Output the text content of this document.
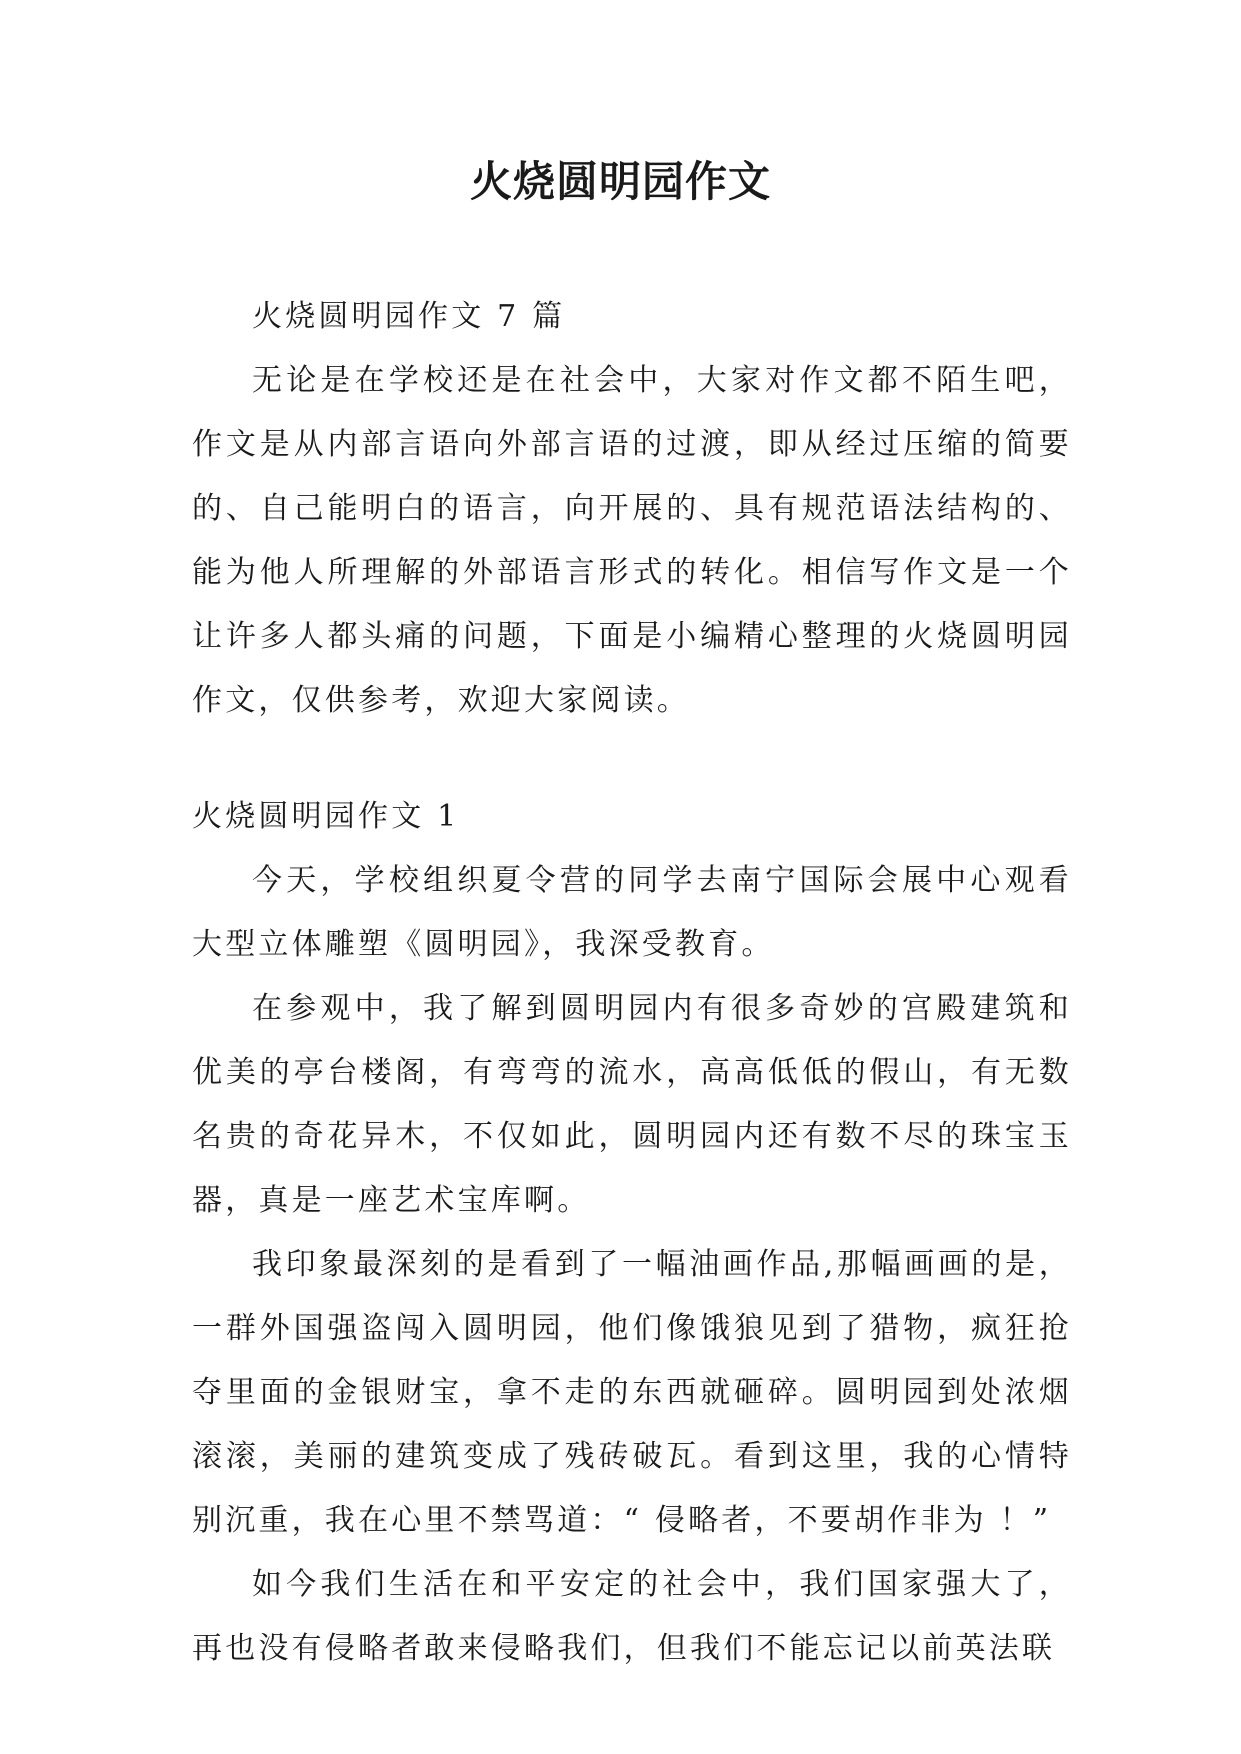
火烧圆明园作文

火烧圆明园作文 7 篇

无论是在学校还是在社会中，大家对作文都不陌生吧，作文是从内部言语向外部言语的过渡，即从经过压缩的简要的、自己能明白的语言，向开展的、具有规范语法结构的、能为他人所理解的外部语言形式的转化。相信写作文是一个让许多人都头痛的问题，下面是小编精心整理的火烧圆明园作文，仅供参考，欢迎大家阅读。

火烧圆明园作文 1

今天，学校组织夏令营的同学去南宁国际会展中心观看大型立体雕塑《圆明园》，我深受教育。

在参观中，我了解到圆明园内有很多奇妙的宫殿建筑和优美的亭台楼阁，有弯弯的流水，高高低低的假山，有无数名贵的奇花异木，不仅如此，圆明园内还有数不尽的珠宝玉器，真是一座艺术宝库啊。

我印象最深刻的是看到了一幅油画作品,那幅画画的是，一群外国强盗闯入圆明园，他们像饿狼见到了猎物，疯狂抢夺里面的金银财宝，拿不走的东西就砸碎。圆明园到处浓烟滚滚，美丽的建筑变成了残砖破瓦。看到这里，我的心情特别沉重，我在心里不禁骂道：“ 侵略者，不要胡作非为 ！”

如今我们生活在和平安定的社会中，我们国家强大了，再也没有侵略者敢来侵略我们，但我们不能忘记以前英法联
